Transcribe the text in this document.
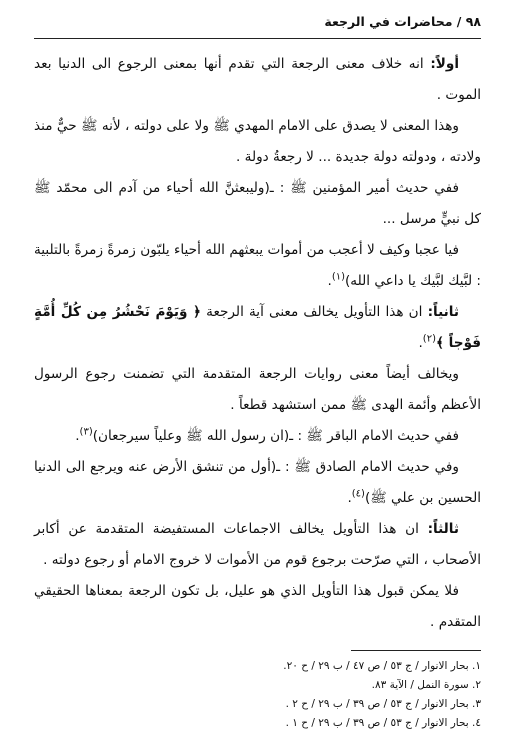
٩٨ / محاضرات في الرجعة

أولاً: انه خلاف معنى الرجعة التي تقدم أنها بمعنى الرجوع الى الدنيا بعد الموت .

وهذا المعنى لا يصدق على الامام المهدي ﷺ ولا على دولته ، لأنه ﷺ حيٌّ منذ ولادته ، ودولته دولة جديدة ... لا رجعةُ دولة .

ففي حديث أمير المؤمنين ﷺ : ـ(وليبعثنَّ الله أحياء من آدم الى محمّد ﷺ كل نبيٍّ مرسل ...

فيا عجبا وكيف لا أعجب من أموات يبعثهم الله أحياء يلبّون زمرةً زمرةً بالتلبية : لبَّيك لبَّيك يا داعي الله)$^{(١)}$.

ثانياً: ان هذا التأويل يخالف معنى آية الرجعة ﴿ وَيَوْمَ نَحْشُرُ مِن كُلِّ أُمَّةٍ فَوْجاً ﴾$^{(٢)}$.

ويخالف أيضاً معنى روايات الرجعة المتقدمة التي تضمنت رجوع الرسول الأعظم وأئمة الهدى ﷺ ممن استشهد قطعاً .

ففي حديث الامام الباقر ﷺ : ـ(ان رسول الله ﷺ وعلياً سيرجعان)$^{(٣)}$.

وفي حديث الامام الصادق ﷺ : ـ(أول من تنشق الأرض عنه ويرجع الى الدنيا الحسين بن علي ﷺ)$^{(٤)}$.

ثالثاً: ان هذا التأويل يخالف الاجماعات المستفيضة المتقدمة عن أكابر الأصحاب ، التي صرّحت برجوع قوم من الأموات لا خروج الامام أو رجوع دولته .

فلا يمكن قبول هذا التأويل الذي هو عليل، بل تكون الرجعة بمعناها الحقيقي المتقدم .

١. بحار الانوار / ج ٥٣ / ص ٤٧ / ب ٢٩ / ح ٢٠.

٢. سورة النمل / الآية ٨٣.

٣. بحار الانوار / ج ٥٣ / ص ٣٩ / ب ٢٩ / ح ٢ .

٤. بحار الانوار / ج ٥٣ / ص ٣٩ / ب ٢٩ / ح ١ .
